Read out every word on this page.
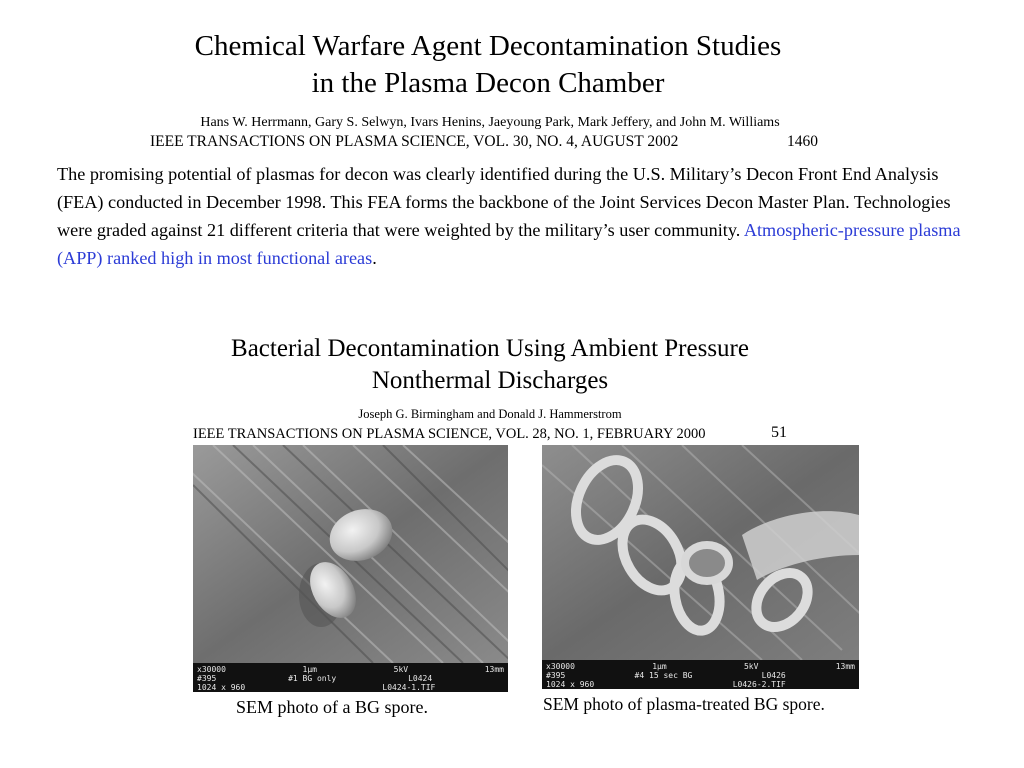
Chemical Warfare Agent Decontamination Studies
in the Plasma Decon Chamber
Hans W. Herrmann, Gary S. Selwyn, Ivars Henins, Jaeyoung Park, Mark Jeffery, and John M. Williams
IEEE TRANSACTIONS ON PLASMA SCIENCE, VOL. 30, NO. 4, AUGUST 2002	1460
The promising potential of plasmas for decon was clearly identified during the U.S. Military’s Decon Front End Analysis (FEA) conducted in December 1998. This FEA forms the backbone of the Joint Services Decon Master Plan. Technologies were graded against 21 different criteria that were weighted by the military’s user community. Atmospheric-pressure plasma (APP) ranked high in most functional areas.
Bacterial Decontamination Using Ambient Pressure
Nonthermal Discharges
Joseph G. Birmingham and Donald J. Hammerstrom
IEEE TRANSACTIONS ON PLASMA SCIENCE, VOL. 28, NO. 1, FEBRUARY 2000	51
x30000	1µm	5kV	13mm
#395	#1 BG only	L0424
1024 x 960	L0424-1.TIF
x30000	1µm	5kV	13mm
#395	#4 15 sec BG	L0426
1024 x 960	L0426-2.TIF
SEM photo of a BG spore.	SEM photo of plasma-treated BG spore.
